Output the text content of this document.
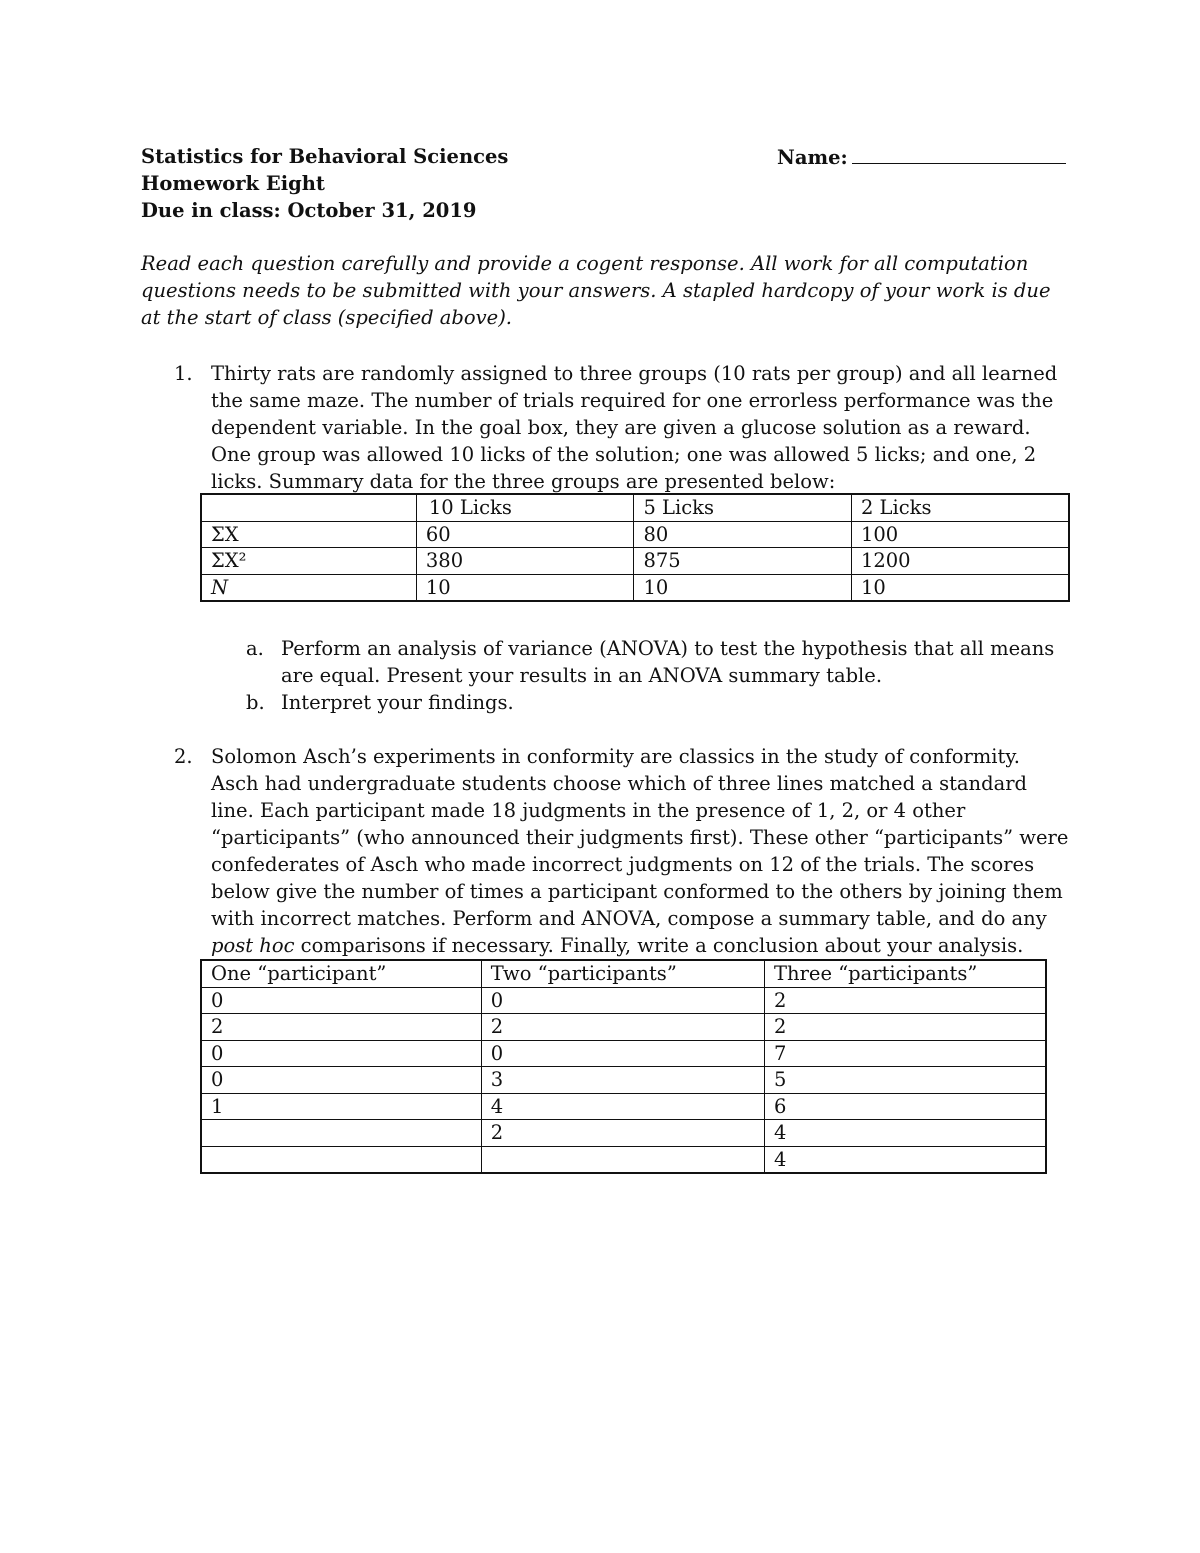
Statistics for Behavioral Sciences
Homework Eight
Due in class: October 31, 2019
Name:
Read each question carefully and provide a cogent response. All work for all computation questions needs to be submitted with your answers. A stapled hardcopy of your work is due at the start of class (specified above).
1. Thirty rats are randomly assigned to three groups (10 rats per group) and all learned the same maze. The number of trials required for one errorless performance was the dependent variable. In the goal box, they are given a glucose solution as a reward. One group was allowed 10 licks of the solution; one was allowed 5 licks; and one, 2 licks. Summary data for the three groups are presented below:
	10 Licks	5 Licks	2 Licks
ΣX	60	80	100
ΣX²	380	875	1200
N	10	10	10
a. Perform an analysis of variance (ANOVA) to test the hypothesis that all means are equal. Present your results in an ANOVA summary table.
b. Interpret your findings.
2. Solomon Asch’s experiments in conformity are classics in the study of conformity. Asch had undergraduate students choose which of three lines matched a standard line. Each participant made 18 judgments in the presence of 1, 2, or 4 other “participants” (who announced their judgments first). These other “participants” were confederates of Asch who made incorrect judgments on 12 of the trials. The scores below give the number of times a participant conformed to the others by joining them with incorrect matches. Perform and ANOVA, compose a summary table, and do any post hoc comparisons if necessary. Finally, write a conclusion about your analysis.
One “participant”	Two “participants”	Three “participants”
0	0	2
2	2	2
0	0	7
0	3	5
1	4	6
	2	4
		4
